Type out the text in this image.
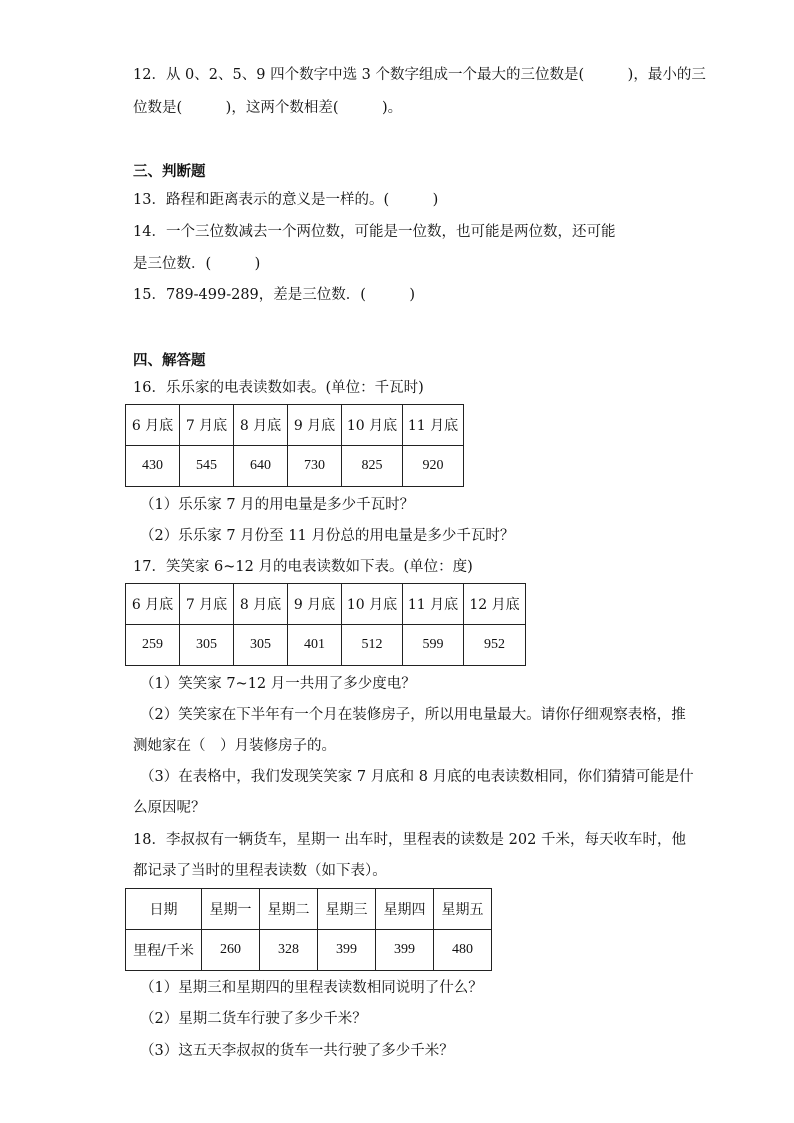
12．从 0、2、5、9 四个数字中选 3 个数字组成一个最大的三位数是(　　　)，最小的三
位数是(　　　)，这两个数相差(　　　)。
三、判断题
13．路程和距离表示的意义是一样的。(　　　)
14．一个三位数减去一个两位数，可能是一位数，也可能是两位数，还可能
是三位数．(　　　)
15．789-499-289，差是三位数．(　　　)
四、解答题
16．乐乐家的电表读数如表。(单位：千瓦时)
6 月底	7 月底	8 月底	9 月底	10 月底	11 月底
430	545	640	730	825	920
（1）乐乐家 7 月的用电量是多少千瓦时？
（2）乐乐家 7 月份至 11 月份总的用电量是多少千瓦时？
17．笑笑家 6~12 月的电表读数如下表。(单位：度)
6 月底	7 月底	8 月底	9 月底	10 月底	11 月底	12 月底
259	305	305	401	512	599	952
（1）笑笑家 7~12 月一共用了多少度电？
（2）笑笑家在下半年有一个月在装修房子，所以用电量最大。请你仔细观察表格，推
测她家在（　）月装修房子的。
（3）在表格中，我们发现笑笑家 7 月底和 8 月底的电表读数相同，你们猜猜可能是什
么原因呢？
18．李叔叔有一辆货车，星期一 出车时，里程表的读数是 202 千米，每天收车时，他
都记录了当时的里程表读数（如下表）。
日期	星期一	星期二	星期三	星期四	星期五
里程/千米	260	328	399	399	480
（1）星期三和星期四的里程表读数相同说明了什么？
（2）星期二货车行驶了多少千米？
（3）这五天李叔叔的货车一共行驶了多少千米？
